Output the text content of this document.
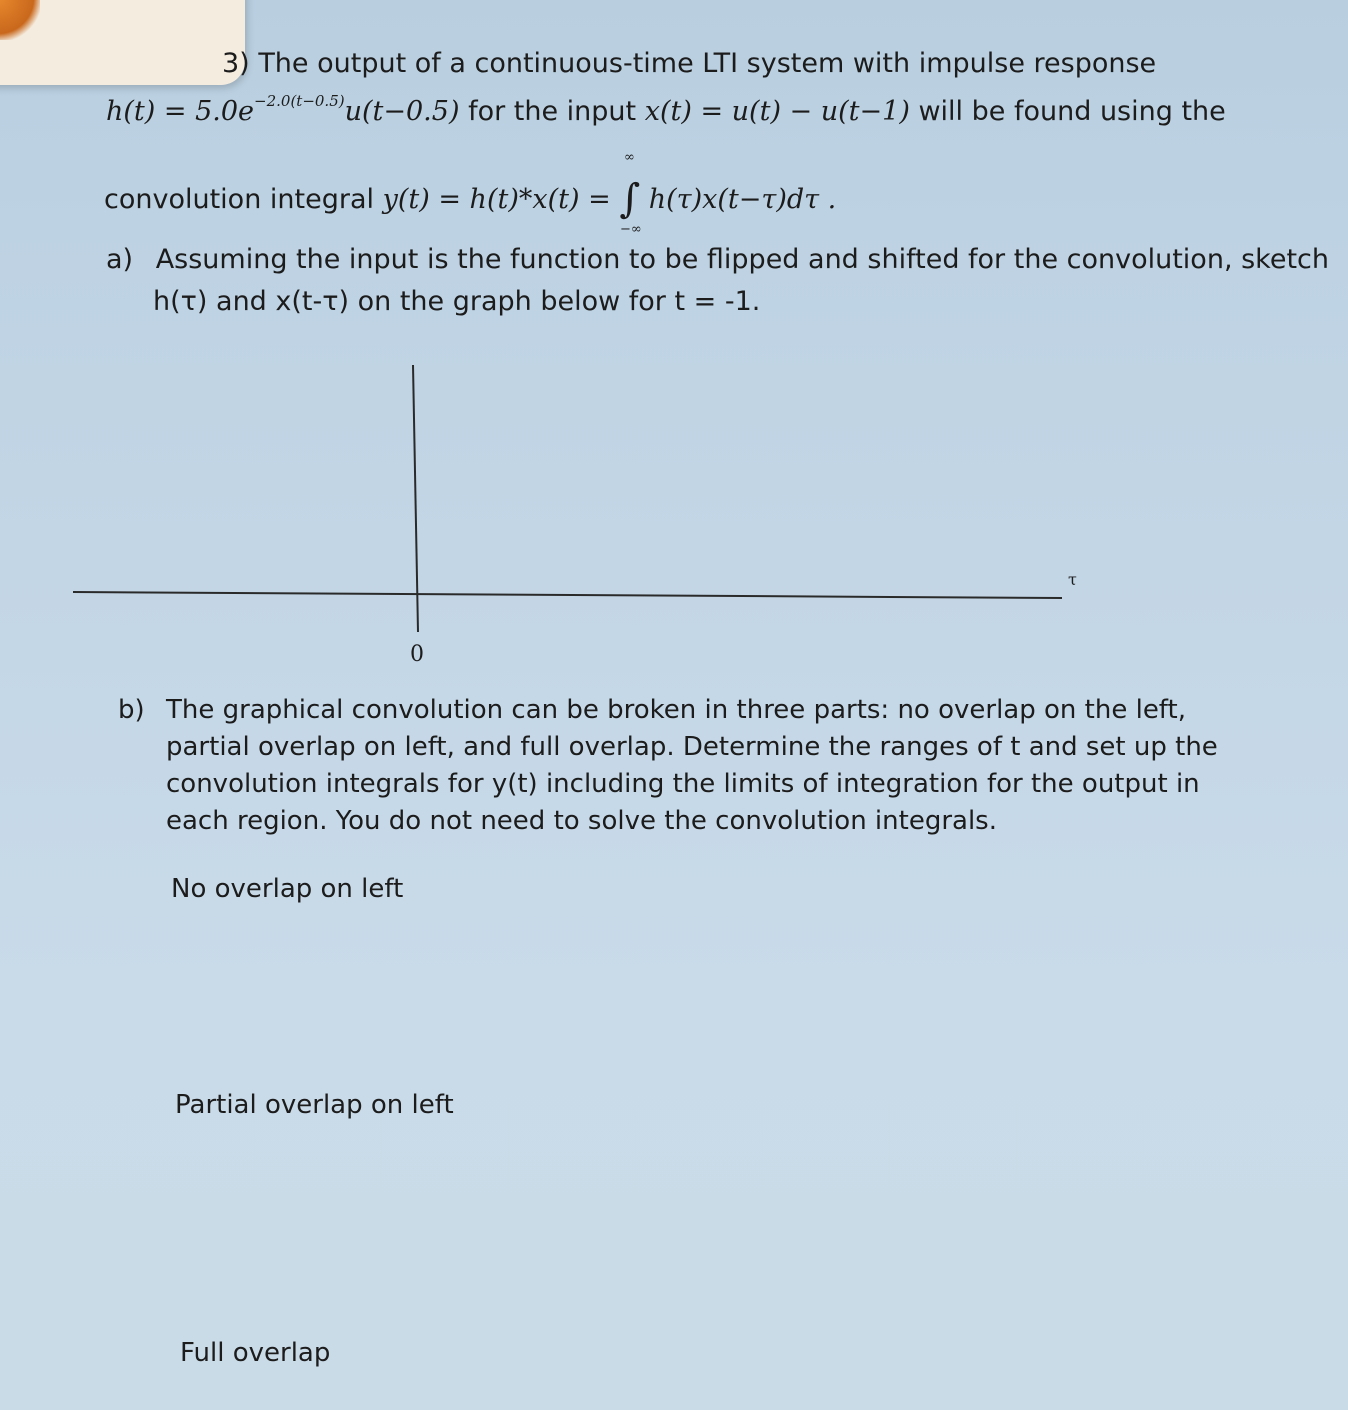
3) The output of a continuous-time LTI system with impulse response
$h(t) = 5.0e^{-2.0(t-0.5)}u(t-0.5)$ for the input x(t) = u(t) − u(t−1) will be found using the
convolution integral y(t) = h(t)*x(t) = ∫ h(τ)x(t−τ)dτ .
∞
−∞
a) Assuming the input is the function to be flipped and shifted for the convolution, sketch
h(τ) and x(t-τ) on the graph below for t = -1.
0
τ
b) The graphical convolution can be broken in three parts: no overlap on the left, partial overlap on left, and full overlap. Determine the ranges of t and set up the convolution integrals for y(t) including the limits of integration for the output in each region. You do not need to solve the convolution integrals.
No overlap on left
Partial overlap on left
Full overlap
